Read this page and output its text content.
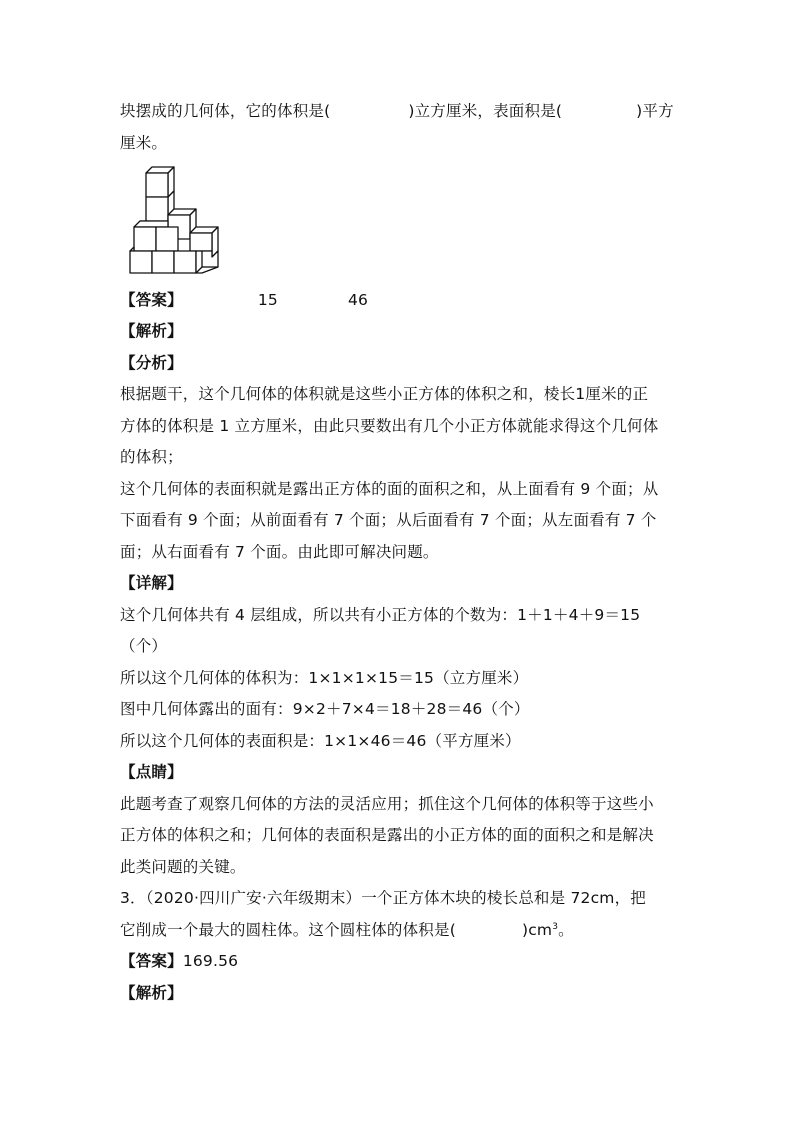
块摆成的几何体，它的体积是(	)立方厘米，表面积是(	)平方
厘米。
【答案】	15	46
【解析】
【分析】
根据题干，这个几何体的体积就是这些小正方体的体积之和，棱长1厘米的正
方体的体积是 1 立方厘米，由此只要数出有几个小正方体就能求得这个几何体
的体积；
这个几何体的表面积就是露出正方体的面的面积之和，从上面看有 9 个面；从
下面看有 9 个面；从前面看有 7 个面；从后面看有 7 个面；从左面看有 7 个
面；从右面看有 7 个面。由此即可解决问题。
【详解】
这个几何体共有 4 层组成，所以共有小正方体的个数为：1＋1＋4＋9＝15
（个）
所以这个几何体的体积为：1×1×1×15＝15（立方厘米）
图中几何体露出的面有：9×2＋7×4＝18＋28＝46（个）
所以这个几何体的表面积是：1×1×46＝46（平方厘米）
【点睛】
此题考查了观察几何体的方法的灵活应用；抓住这个几何体的体积等于这些小
正方体的体积之和；几何体的表面积是露出的小正方体的面的面积之和是解决
此类问题的关键。
3．（2020·四川广安·六年级期末）一个正方体木块的棱长总和是 72cm，把
它削成一个最大的圆柱体。这个圆柱体的体积是(	)$cm^3$。
【答案】169.56
【解析】
